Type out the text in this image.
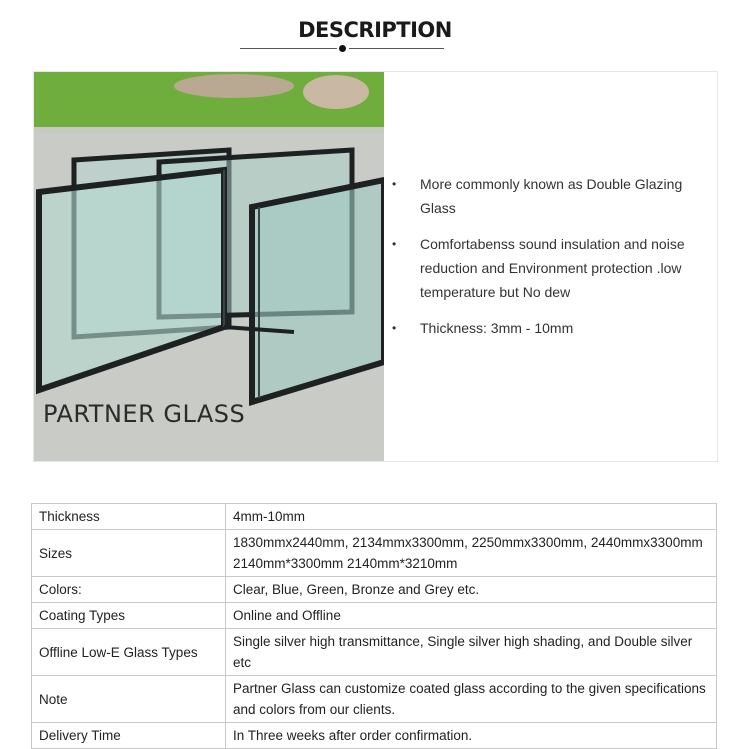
DESCRIPTION
PARTNER GLASS
• More commonly known as Double Glazing Glass
• Comfortabenss sound insulation and noise reduction and Environment protection .low temperature but No dew
• Thickness: 3mm - 10mm
Thickness	4mm-10mm
Sizes	1830mmx2440mm, 2134mmx3300mm, 2250mmx3300mm, 2440mmx3300mm 2140mm*3300mm 2140mm*3210mm
Colors:	Clear, Blue, Green, Bronze and Grey etc.
Coating Types	Online and Offline
Offline Low-E Glass Types	Single silver high transmittance, Single silver high shading, and Double silver etc
Note	Partner Glass can customize coated glass according to the given specifications and colors from our clients.
Delivery Time	In Three weeks after order confirmation.
